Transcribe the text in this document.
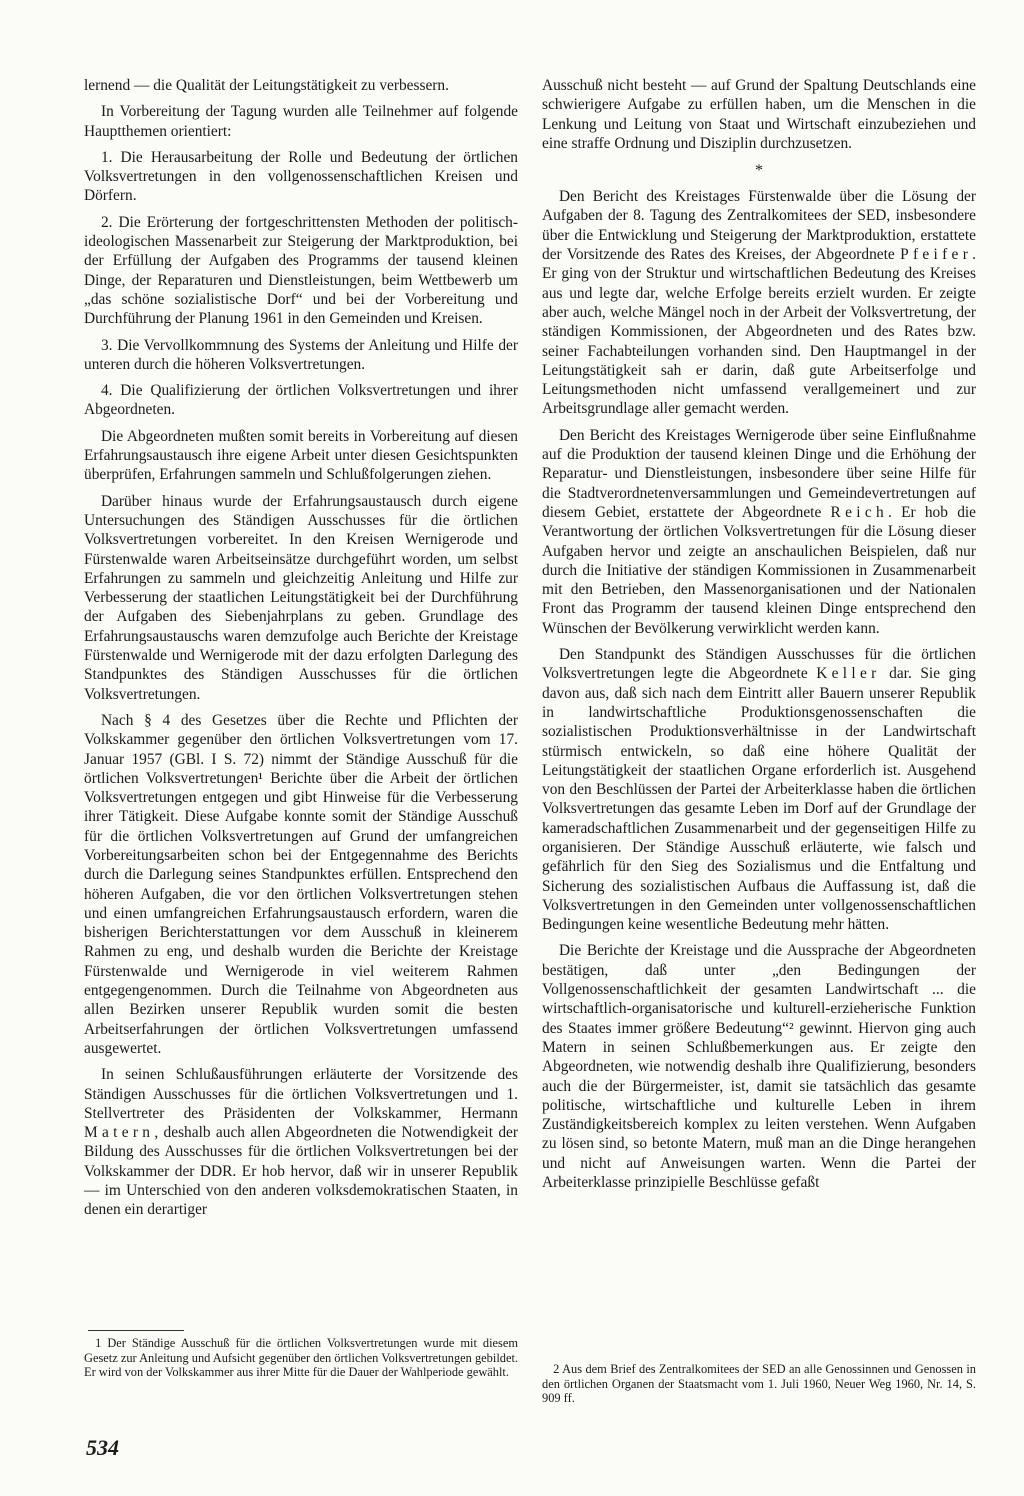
lernend — die Qualität der Leitungstätigkeit zu verbessern.

In Vorbereitung der Tagung wurden alle Teilnehmer auf folgende Hauptthemen orientiert:

1. Die Herausarbeitung der Rolle und Bedeutung der örtlichen Volksvertretungen in den vollgenossenschaftlichen Kreisen und Dörfern.

2. Die Erörterung der fortgeschrittensten Methoden der politisch-ideologischen Massenarbeit zur Steigerung der Marktproduktion, bei der Erfüllung der Aufgaben des Programms der tausend kleinen Dinge, der Reparaturen und Dienstleistungen, beim Wettbewerb um „das schöne sozialistische Dorf“ und bei der Vorbereitung und Durchführung der Planung 1961 in den Gemeinden und Kreisen.

3. Die Vervollkommnung des Systems der Anleitung und Hilfe der unteren durch die höheren Volksvertretungen.

4. Die Qualifizierung der örtlichen Volksvertretungen und ihrer Abgeordneten.

Die Abgeordneten mußten somit bereits in Vorbereitung auf diesen Erfahrungsaustausch ihre eigene Arbeit unter diesen Gesichtspunkten überprüfen, Erfahrungen sammeln und Schlußfolgerungen ziehen.

Darüber hinaus wurde der Erfahrungsaustausch durch eigene Untersuchungen des Ständigen Ausschusses für die örtlichen Volksvertretungen vorbereitet. In den Kreisen Wernigerode und Fürstenwalde waren Arbeitseinsätze durchgeführt worden, um selbst Erfahrungen zu sammeln und gleichzeitig Anleitung und Hilfe zur Verbesserung der staatlichen Leitungstätigkeit bei der Durchführung der Aufgaben des Siebenjahrplans zu geben. Grundlage des Erfahrungsaustauschs waren demzufolge auch Berichte der Kreistage Fürstenwalde und Wernigerode mit der dazu erfolgten Darlegung des Standpunktes des Ständigen Ausschusses für die örtlichen Volksvertretungen.

Nach § 4 des Gesetzes über die Rechte und Pflichten der Volkskammer gegenüber den örtlichen Volksvertretungen vom 17. Januar 1957 (GBl. I S. 72) nimmt der Ständige Ausschuß für die örtlichen Volksvertretungen¹ Berichte über die Arbeit der örtlichen Volksvertretungen entgegen und gibt Hinweise für die Verbesserung ihrer Tätigkeit. Diese Aufgabe konnte somit der Ständige Ausschuß für die örtlichen Volksvertretungen auf Grund der umfangreichen Vorbereitungsarbeiten schon bei der Entgegennahme des Berichts durch die Darlegung seines Standpunktes erfüllen. Entsprechend den höheren Aufgaben, die vor den örtlichen Volksvertretungen stehen und einen umfangreichen Erfahrungsaustausch erfordern, waren die bisherigen Berichterstattungen vor dem Ausschuß in kleinerem Rahmen zu eng, und deshalb wurden die Berichte der Kreistage Fürstenwalde und Wernigerode in viel weiterem Rahmen entgegengenommen. Durch die Teilnahme von Abgeordneten aus allen Bezirken unserer Republik wurden somit die besten Arbeitserfahrungen der örtlichen Volksvertretungen umfassend ausgewertet.

In seinen Schlußausführungen erläuterte der Vorsitzende des Ständigen Ausschusses für die örtlichen Volksvertretungen und 1. Stellvertreter des Präsidenten der Volkskammer, Hermann Matern, deshalb auch allen Abgeordneten die Notwendigkeit der Bildung des Ausschusses für die örtlichen Volksvertretungen bei der Volkskammer der DDR. Er hob hervor, daß wir in unserer Republik — im Unterschied von den anderen volksdemokratischen Staaten, in denen ein derartiger

Ausschuß nicht besteht — auf Grund der Spaltung Deutschlands eine schwierigere Aufgabe zu erfüllen haben, um die Menschen in die Lenkung und Leitung von Staat und Wirtschaft einzubeziehen und eine straffe Ordnung und Disziplin durchzusetzen.

*

Den Bericht des Kreistages Fürstenwalde über die Lösung der Aufgaben der 8. Tagung des Zentralkomitees der SED, insbesondere über die Entwicklung und Steigerung der Marktproduktion, erstattete der Vorsitzende des Rates des Kreises, der Abgeordnete Pfeifer. Er ging von der Struktur und wirtschaftlichen Bedeutung des Kreises aus und legte dar, welche Erfolge bereits erzielt wurden. Er zeigte aber auch, welche Mängel noch in der Arbeit der Volksvertretung, der ständigen Kommissionen, der Abgeordneten und des Rates bzw. seiner Fachabteilungen vorhanden sind. Den Hauptmangel in der Leitungstätigkeit sah er darin, daß gute Arbeitserfolge und Leitungsmethoden nicht umfassend verallgemeinert und zur Arbeitsgrundlage aller gemacht werden.

Den Bericht des Kreistages Wernigerode über seine Einflußnahme auf die Produktion der tausend kleinen Dinge und die Erhöhung der Reparatur- und Dienstleistungen, insbesondere über seine Hilfe für die Stadtverordnetenversammlungen und Gemeindevertretungen auf diesem Gebiet, erstattete der Abgeordnete Reich. Er hob die Verantwortung der örtlichen Volksvertretungen für die Lösung dieser Aufgaben hervor und zeigte an anschaulichen Beispielen, daß nur durch die Initiative der ständigen Kommissionen in Zusammenarbeit mit den Betrieben, den Massenorganisationen und der Nationalen Front das Programm der tausend kleinen Dinge entsprechend den Wünschen der Bevölkerung verwirklicht werden kann.

Den Standpunkt des Ständigen Ausschusses für die örtlichen Volksvertretungen legte die Abgeordnete Keller dar. Sie ging davon aus, daß sich nach dem Eintritt aller Bauern unserer Republik in landwirtschaftliche Produktionsgenossenschaften die sozialistischen Produktionsverhältnisse in der Landwirtschaft stürmisch entwickeln, so daß eine höhere Qualität der Leitungstätigkeit der staatlichen Organe erforderlich ist. Ausgehend von den Beschlüssen der Partei der Arbeiterklasse haben die örtlichen Volksvertretungen das gesamte Leben im Dorf auf der Grundlage der kameradschaftlichen Zusammenarbeit und der gegenseitigen Hilfe zu organisieren. Der Ständige Ausschuß erläuterte, wie falsch und gefährlich für den Sieg des Sozialismus und die Entfaltung und Sicherung des sozialistischen Aufbaus die Auffassung ist, daß die Volksvertretungen in den Gemeinden unter vollgenossenschaftlichen Bedingungen keine wesentliche Bedeutung mehr hätten.

Die Berichte der Kreistage und die Aussprache der Abgeordneten bestätigen, daß unter „den Bedingungen der Vollgenossenschaftlichkeit der gesamten Landwirtschaft ... die wirtschaftlich-organisatorische und kulturell-erzieherische Funktion des Staates immer größere Bedeutung“² gewinnt. Hiervon ging auch Matern in seinen Schlußbemerkungen aus. Er zeigte den Abgeordneten, wie notwendig deshalb ihre Qualifizierung, besonders auch die der Bürgermeister, ist, damit sie tatsächlich das gesamte politische, wirtschaftliche und kulturelle Leben in ihrem Zuständigkeitsbereich komplex zu leiten verstehen. Wenn Aufgaben zu lösen sind, so betonte Matern, muß man an die Dinge herangehen und nicht auf Anweisungen warten. Wenn die Partei der Arbeiterklasse prinzipielle Beschlüsse gefaßt

1 Der Ständige Ausschuß für die örtlichen Volksvertretungen wurde mit diesem Gesetz zur Anleitung und Aufsicht gegenüber den örtlichen Volksvertretungen gebildet. Er wird von der Volkskammer aus ihrer Mitte für die Dauer der Wahlperiode gewählt.	2 Aus dem Brief des Zentralkomitees der SED an alle Genossinnen und Genossen in den örtlichen Organen der Staatsmacht vom 1. Juli 1960, Neuer Weg 1960, Nr. 14, S. 909 ff.

534
